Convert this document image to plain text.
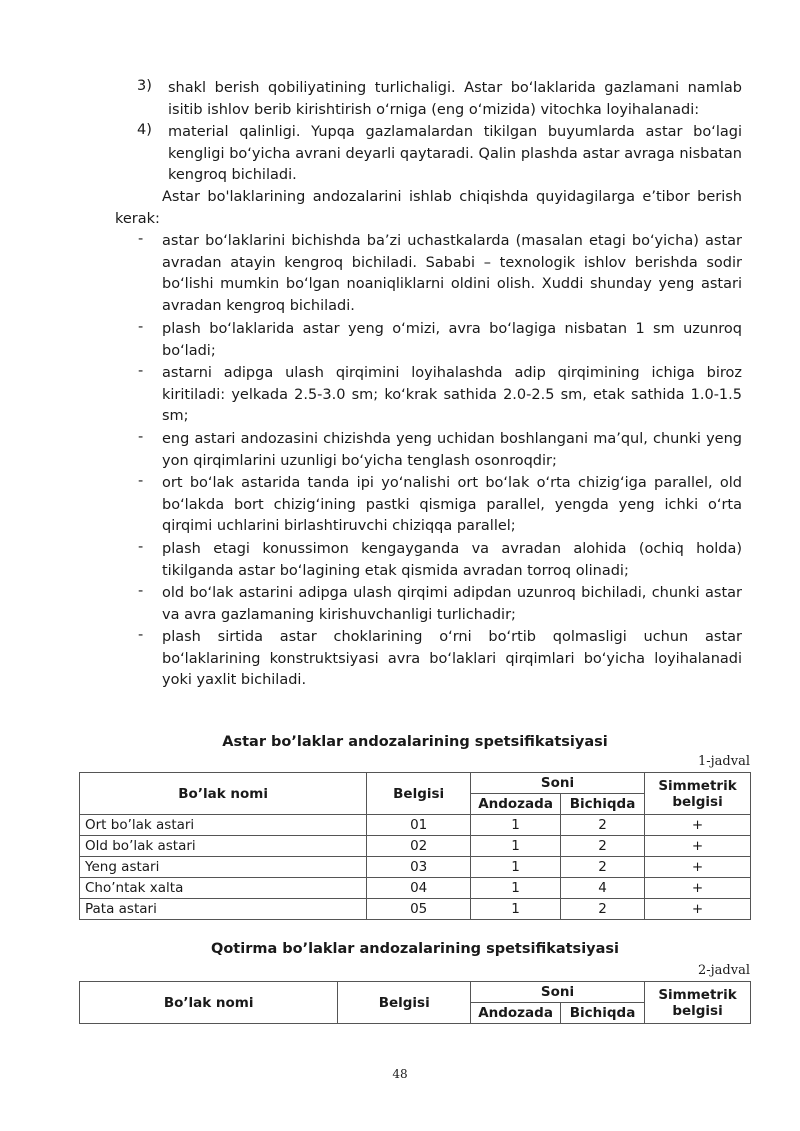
3) shakl berish qobiliyatining turlichaligi. Astar bo‘laklarida gazlamani namlab isitib ishlov berib kirishtirish o‘rniga (eng o‘mizida) vitochka loyihalanadi:
4) material qalinligi. Yupqa gazlamalardan tikilgan buyumlarda astar bo‘lagi kengligi bo‘yicha avrani deyarli qaytaradi. Qalin plashda astar avraga nisbatan kengroq bichiladi.
Astar bo'laklarining andozalarini ishlab chiqishda quyidagilarga e’tibor berish kerak:
- astar bo‘laklarini bichishda ba’zi uchastkalarda (masalan etagi bo‘yicha) astar avradan atayin kengroq bichiladi. Sababi – texnologik ishlov berishda sodir bo‘lishi mumkin bo‘lgan noaniqliklarni oldini olish. Xuddi shunday yeng astari avradan kengroq bichiladi.
- plash bo‘laklarida astar yeng o‘mizi, avra bo‘lagiga nisbatan 1 sm uzunroq bo‘ladi;
- astarni adipga ulash qirqimini loyihalashda adip qirqimining ichiga biroz kiritiladi: yelkada 2.5-3.0 sm; ko‘krak sathida 2.0-2.5 sm, etak sathida 1.0-1.5 sm;
- eng astari andozasini chizishda yeng uchidan boshlangani ma’qul, chunki yeng yon qirqimlarini uzunligi bo‘yicha tenglash osonroqdir;
- ort bo‘lak astarida tanda ipi yo‘nalishi ort bo‘lak o‘rta chizig‘iga parallel, old bo‘lakda bort chizig‘ining pastki qismiga parallel, yengda yeng ichki o‘rta qirqimi uchlarini birlashtiruvchi chiziqqa parallel;
- plash etagi konussimon kengayganda va avradan alohida (ochiq holda) tikilganda astar bo‘lagining etak qismida avradan torroq olinadi;
- old bo‘lak astarini adipga ulash qirqimi adipdan uzunroq bichiladi, chunki astar va avra gazlamaning kirishuvchanligi turlichadir;
- plash sirtida astar choklarining o‘rni bo‘rtib qolmasligi uchun astar bo‘laklarining konstruktsiyasi avra bo‘laklari qirqimlari bo‘yicha loyihalanadi yoki yaxlit bichiladi.
Astar bo’laklar andozalarining spetsifikatsiyasi
1-jadval
Bo’lak nomi	Belgisi	Soni		Simmetrik belgisi
		Andozada	Bichiqda	
Ort bo’lak astari	01	1	2	+
Old bo’lak astari	02	1	2	+
Yeng astari	03	1	2	+
Cho’ntak xalta	04	1	4	+
Pata astari	05	1	2	+
Qotirma bo’laklar andozalarining spetsifikatsiyasi
2-jadval
Bo’lak nomi	Belgisi	Soni		Simmetrik belgisi
		Andozada	Bichiqda	
48
